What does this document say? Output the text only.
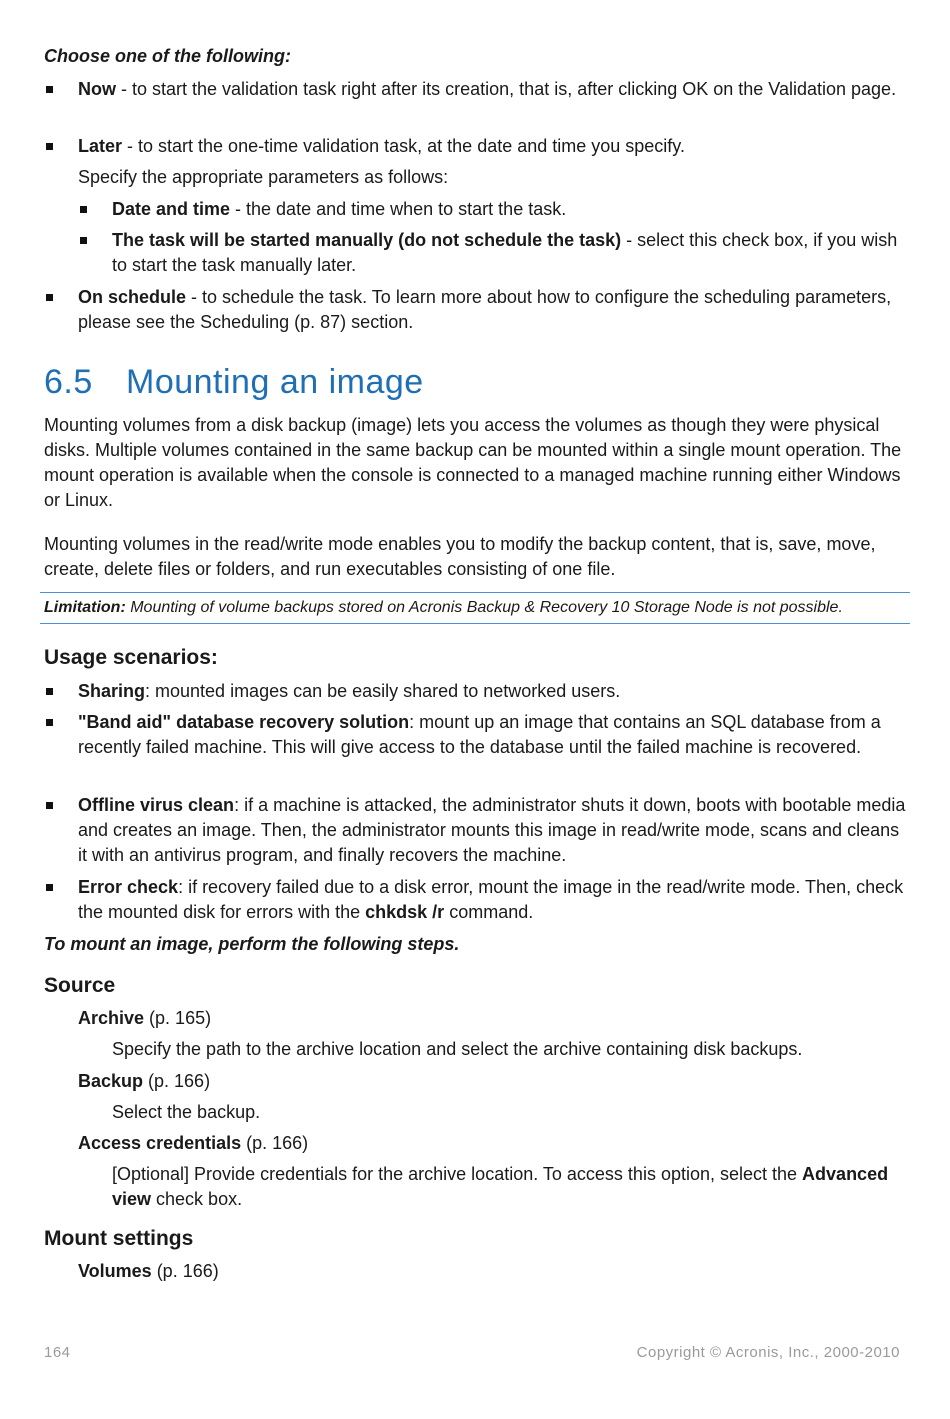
Choose one of the following:
Now - to start the validation task right after its creation, that is, after clicking OK on the Validation page.
Later - to start the one-time validation task, at the date and time you specify.
Specify the appropriate parameters as follows:
Date and time - the date and time when to start the task.
The task will be started manually (do not schedule the task) - select this check box, if you wish to start the task manually later.
On schedule - to schedule the task. To learn more about how to configure the scheduling parameters, please see the Scheduling (p. 87) section.
6.5 Mounting an image
Mounting volumes from a disk backup (image) lets you access the volumes as though they were physical disks. Multiple volumes contained in the same backup can be mounted within a single mount operation. The mount operation is available when the console is connected to a managed machine running either Windows or Linux.
Mounting volumes in the read/write mode enables you to modify the backup content, that is, save, move, create, delete files or folders, and run executables consisting of one file.
Limitation: Mounting of volume backups stored on Acronis Backup & Recovery 10 Storage Node is not possible.
Usage scenarios:
Sharing: mounted images can be easily shared to networked users.
"Band aid" database recovery solution: mount up an image that contains an SQL database from a recently failed machine. This will give access to the database until the failed machine is recovered.
Offline virus clean: if a machine is attacked, the administrator shuts it down, boots with bootable media and creates an image. Then, the administrator mounts this image in read/write mode, scans and cleans it with an antivirus program, and finally recovers the machine.
Error check: if recovery failed due to a disk error, mount the image in the read/write mode. Then, check the mounted disk for errors with the chkdsk /r command.
To mount an image, perform the following steps.
Source
Archive (p. 165)
Specify the path to the archive location and select the archive containing disk backups.
Backup (p. 166)
Select the backup.
Access credentials (p. 166)
[Optional] Provide credentials for the archive location. To access this option, select the Advanced view check box.
Mount settings
Volumes (p. 166)
164	Copyright © Acronis, Inc., 2000-2010
